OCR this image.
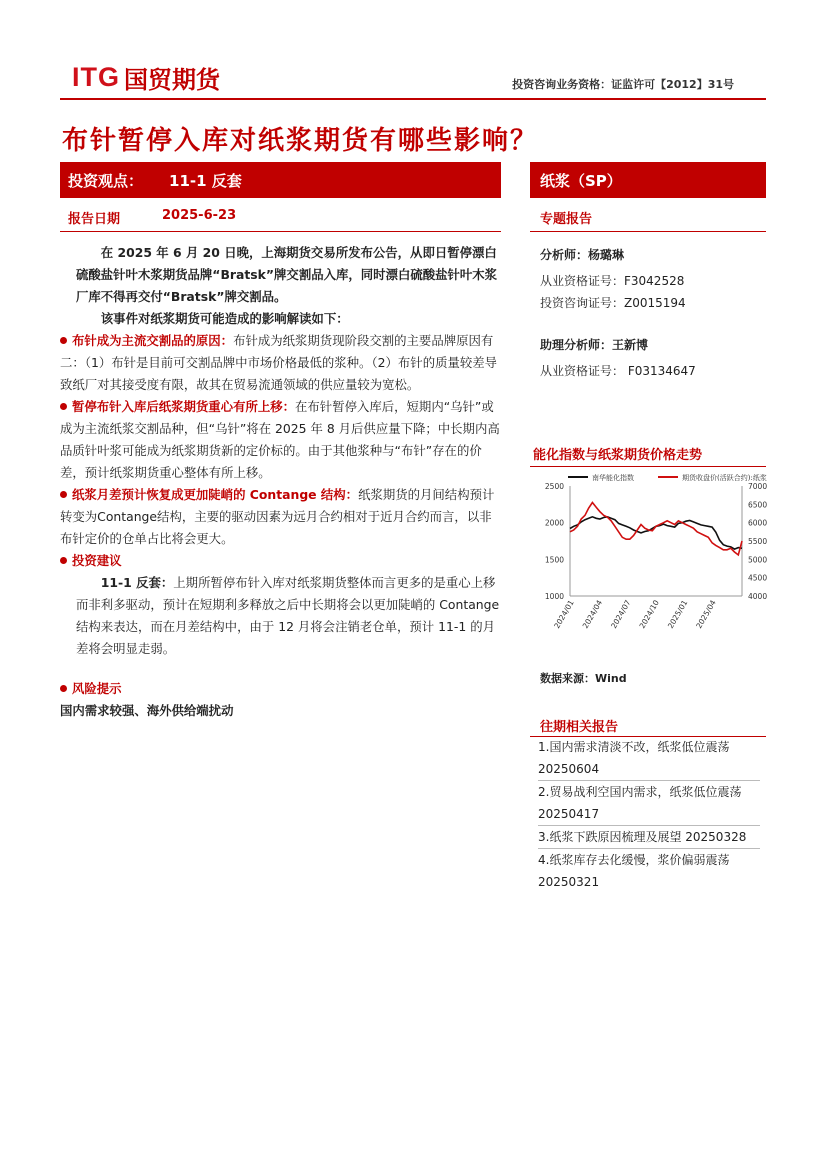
ITG 国贸期货	投资咨询业务资格：证监许可【2012】31号
布针暂停入库对纸浆期货有哪些影响？
投资观点： 11-1 反套	纸浆（SP）
报告日期	2025-6-23	专题报告
在 2025 年 6 月 20 日晚，上海期货交易所发布公告，从即日暂停漂白硫酸盐针叶木浆期货品牌“Bratsk”牌交割品入库，同时漂白硫酸盐针叶木浆厂库不得再交付“Bratsk”牌交割品。
该事件对纸浆期货可能造成的影响解读如下：
布针成为主流交割品的原因：布针成为纸浆期货现阶段交割的主要品牌原因有二：（1）布针是目前可交割品牌中市场价格最低的浆种。（2）布针的质量较差导致纸厂对其接受度有限，故其在贸易流通领域的供应量较为宽松。
暂停布针入库后纸浆期货重心有所上移：在布针暂停入库后，短期内“乌针”或成为主流纸浆交割品种，但“乌针”将在 2025 年 8 月后供应量下降；中长期内高品质针叶浆可能成为纸浆期货新的定价标的。由于其他浆种与“布针”存在的价差，预计纸浆期货重心整体有所上移。
纸浆月差预计恢复成更加陡峭的 Contange 结构：纸浆期货的月间结构预计转变为Contange结构，主要的驱动因素为远月合约相对于近月合约而言，以非布针定价的仓单占比将会更大。
投资建议
11-1 反套：上期所暂停布针入库对纸浆期货整体而言更多的是重心上移而非利多驱动，预计在短期利多释放之后中长期将会以更加陡峭的 Contange 结构来表达，而在月差结构中，由于 12 月将会注销老仓单，预计 11-1 的月差将会明显走弱。
风险提示
国内需求较强、海外供给端扰动
分析师：杨璐琳
从业资格证号：F3042528
投资咨询证号：Z0015194
助理分析师：王新博
从业资格证号： F03134647
能化指数与纸浆期货价格走势
南华能化指数	期货收盘价(活跃合约):纸浆
2500
2000
1500
1000
7000
6500
6000
5500
5000
4500
4000
2024/01 2024/04 2024/07 2024/10 2025/01 2025/04
数据来源：Wind
往期相关报告
1.国内需求清淡不改，纸浆低位震荡 20250604
2.贸易战利空国内需求，纸浆低位震荡 20250417
3.纸浆下跌原因梳理及展望 20250328
4.纸浆库存去化缓慢，浆价偏弱震荡 20250321
